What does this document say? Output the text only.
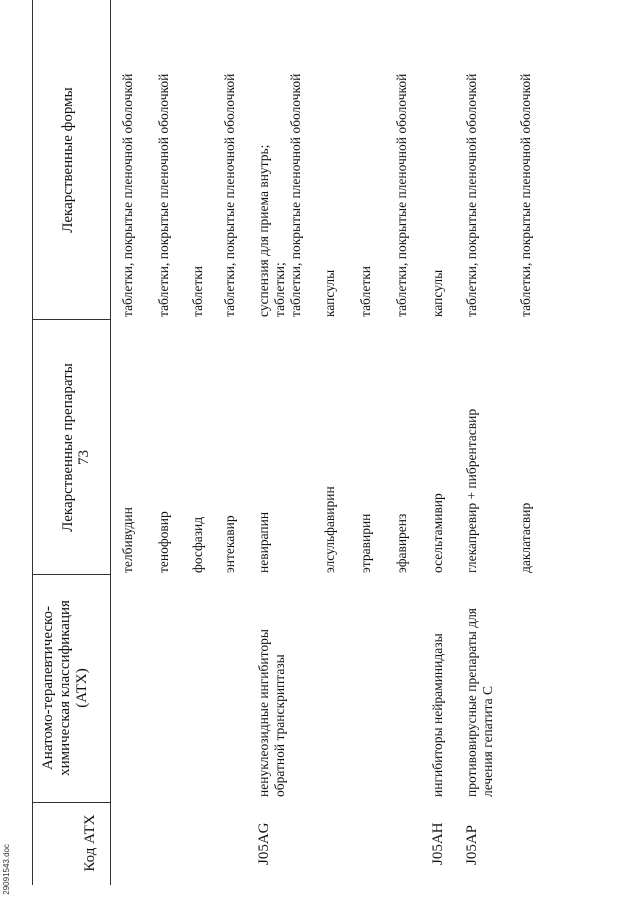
73
Код АТХ
Анатомо-терапевтическо-химическая классификация (АТХ)
Лекарственные препараты
Лекарственные формы
телбивудин
таблетки, покрытые пленочной оболочкой
тенофовир
таблетки, покрытые пленочной оболочкой
фосфазид
таблетки
энтекавир
таблетки, покрытые пленочной оболочкой
J05AG
ненуклеозидные ингибиторы обратной транскриптазы
невирапин
суспензия для приема внутрь; таблетки; таблетки, покрытые пленочной оболочкой
элсульфавирин
капсулы
этравирин
таблетки
эфавиренз
таблетки, покрытые пленочной оболочкой
J05AH
ингибиторы нейраминидазы
осельтамивир
капсулы
J05AP
противовирусные препараты для лечения гепатита C
глекапревир + пибрентасвир
таблетки, покрытые пленочной оболочкой
даклатасвир
таблетки, покрытые пленочной оболочкой
29091543.doc
